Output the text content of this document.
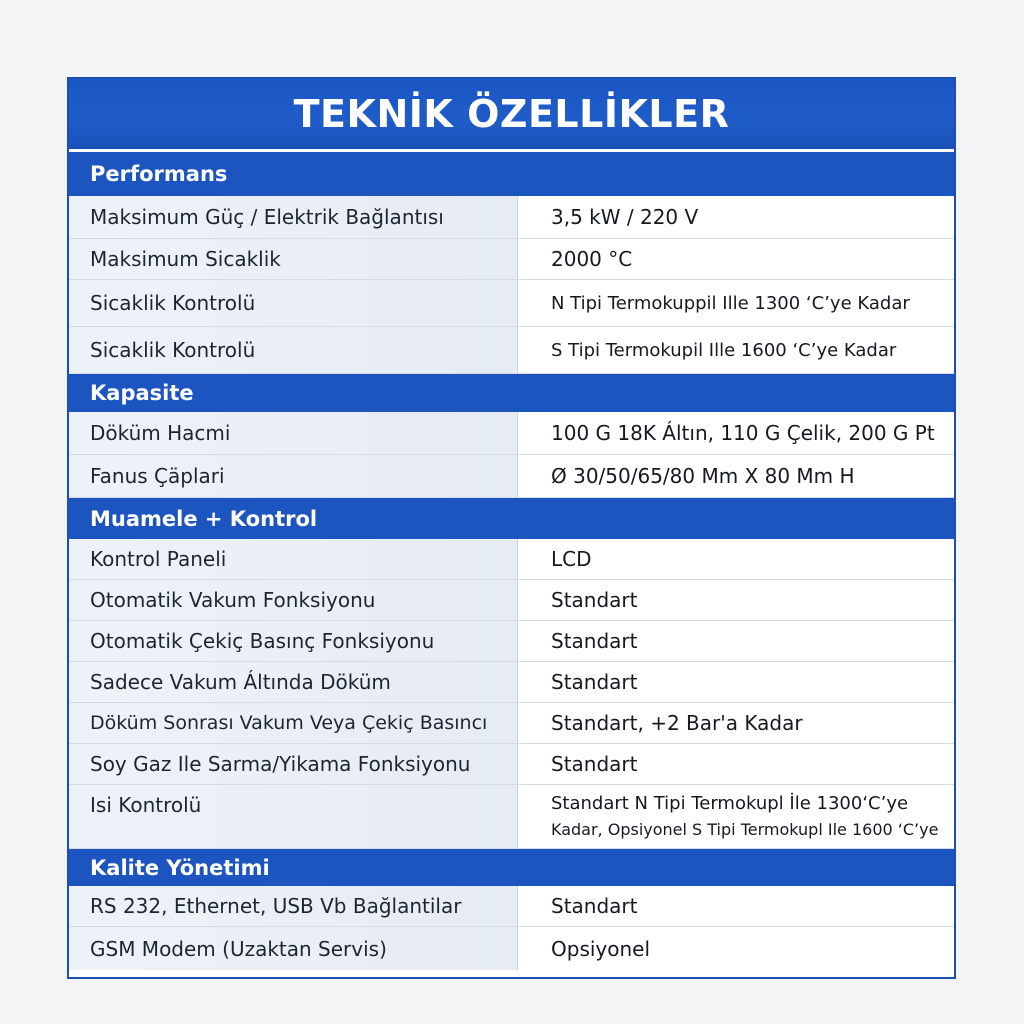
TEKNİK ÖZELLİKLER
Performans
Maksimum Güç / Elektrik Bağlantısı	3,5 kW / 220 V
Maksimum Sicaklik	2000 °C
Sicaklik Kontrolü	N Tipi Termokuppil Ille 1300 ‘C’ye Kadar
Sicaklik Kontrolü	S Tipi Termokupil Ille 1600 ‘C’ye Kadar
Kapasite
Döküm Hacmi	100 G 18K Áltın, 110 G Çelik, 200 G Pt
Fanus Çäplari	Ø 30/50/65/80 Mm X 80 Mm H
Muamele + Kontrol
Kontrol Paneli	LCD
Otomatik Vakum Fonksiyonu	Standart
Otomatik Çekiç Basınç Fonksiyonu	Standart
Sadece Vakum Áltında Döküm	Standart
Döküm Sonrası Vakum Veya Çekiç Basıncı	Standart, +2 Bar'a Kadar
Soy Gaz Ile Sarma/Yikama Fonksiyonu	Standart
Isi Kontrolü	Standart N Tipi Termokupl İle 1300‘C’ye
Kadar, Opsiyonel S Tipi Termokupl Ile 1600 ‘C’ye
Kalite Yönetimi
RS 232, Ethernet, USB Vb Bağlantilar	Standart
GSM Modem (Uzaktan Servis)	Opsiyonel
